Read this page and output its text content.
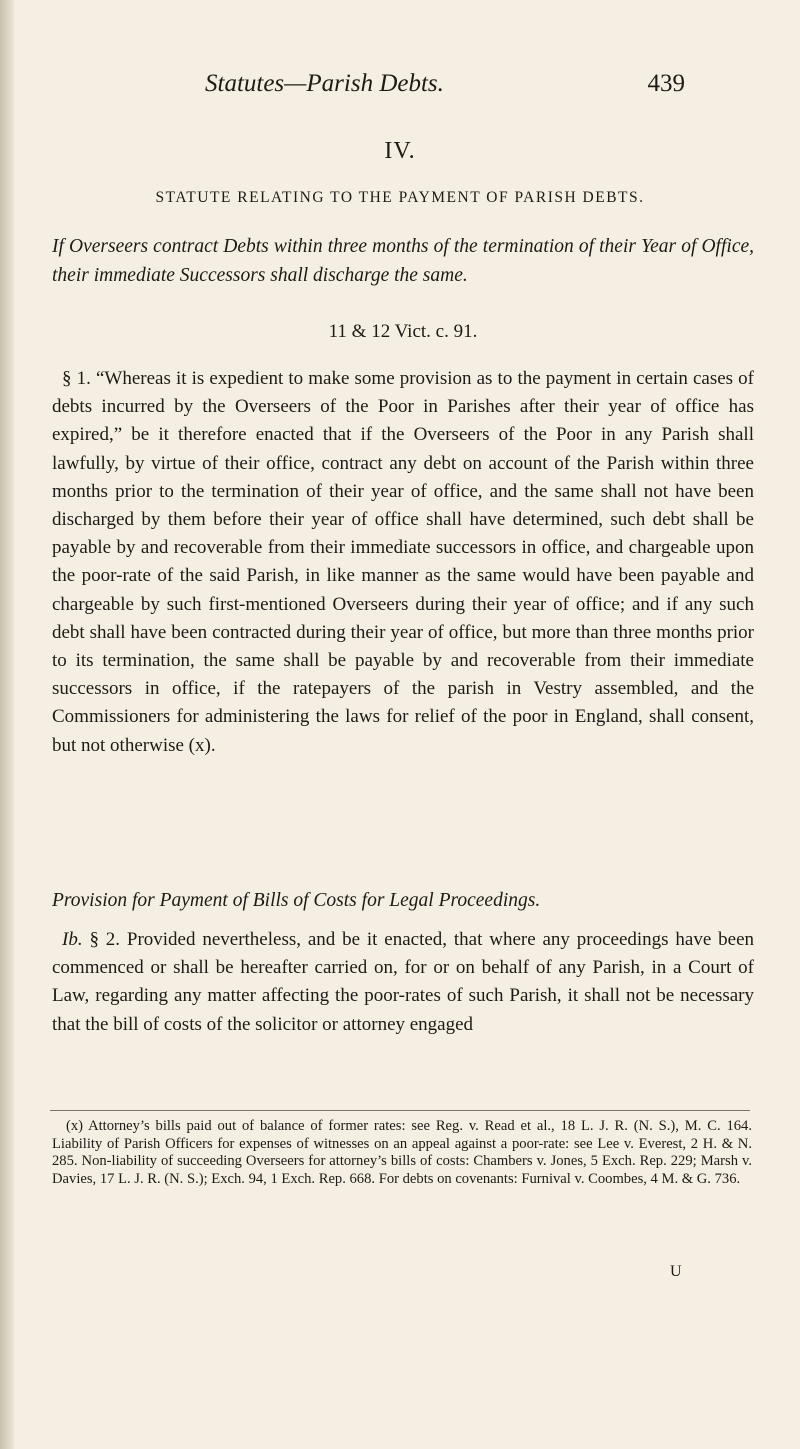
Statutes—Parish Debts.	439
IV.
STATUTE RELATING TO THE PAYMENT OF PARISH DEBTS.
If Overseers contract Debts within three months of the termination of their Year of Office, their immediate Successors shall discharge the same.
11 & 12 Vict. c. 91.
§ 1. “Whereas it is expedient to make some provision as to the payment in certain cases of debts incurred by the Overseers of the Poor in Parishes after their year of office has expired,” be it therefore enacted that if the Overseers of the Poor in any Parish shall lawfully, by virtue of their office, contract any debt on account of the Parish within three months prior to the termination of their year of office, and the same shall not have been discharged by them before their year of office shall have determined, such debt shall be payable by and recoverable from their immediate successors in office, and chargeable upon the poor-rate of the said Parish, in like manner as the same would have been payable and chargeable by such first-mentioned Overseers during their year of office; and if any such debt shall have been contracted during their year of office, but more than three months prior to its termination, the same shall be payable by and recoverable from their immediate successors in office, if the ratepayers of the parish in Vestry assembled, and the Commissioners for administering the laws for relief of the poor in England, shall consent, but not otherwise (x).
Provision for Payment of Bills of Costs for Legal Proceedings.
Ib. § 2. Provided nevertheless, and be it enacted, that where any proceedings have been commenced or shall be hereafter carried on, for or on behalf of any Parish, in a Court of Law, regarding any matter affecting the poor-rates of such Parish, it shall not be necessary that the bill of costs of the solicitor or attorney engaged
(x) Attorney’s bills paid out of balance of former rates: see Reg. v. Read et al., 18 L. J. R. (N. S.), M. C. 164. Liability of Parish Officers for expenses of witnesses on an appeal against a poor-rate: see Lee v. Everest, 2 H. & N. 285. Non-liability of succeeding Overseers for attorney’s bills of costs: Chambers v. Jones, 5 Exch. Rep. 229; Marsh v. Davies, 17 L. J. R. (N. S.); Exch. 94, 1 Exch. Rep. 668. For debts on covenants: Furnival v. Coombes, 4 M. & G. 736.
U
